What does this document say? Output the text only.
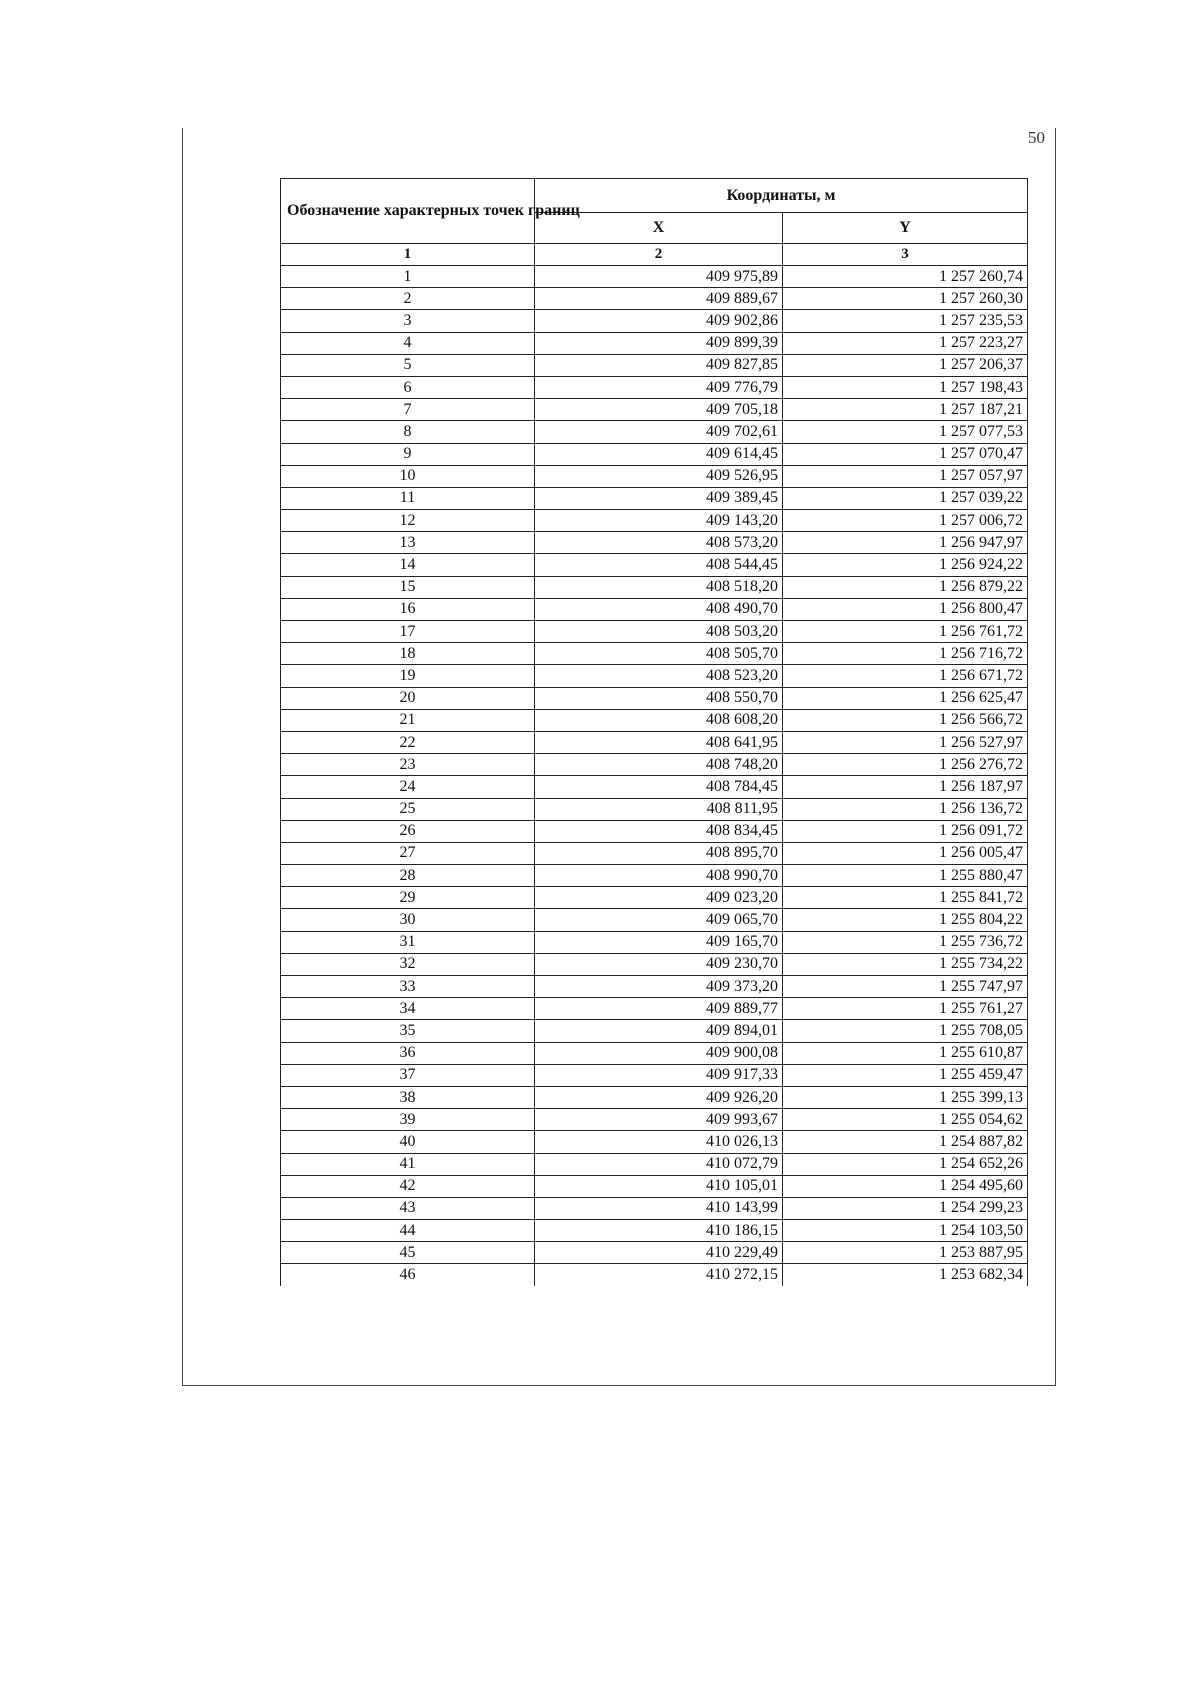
50
Обозначение характерных точек границ	Координаты, м	
	X	Y
1	2	3
1	409 975,89	1 257 260,74
2	409 889,67	1 257 260,30
3	409 902,86	1 257 235,53
4	409 899,39	1 257 223,27
5	409 827,85	1 257 206,37
6	409 776,79	1 257 198,43
7	409 705,18	1 257 187,21
8	409 702,61	1 257 077,53
9	409 614,45	1 257 070,47
10	409 526,95	1 257 057,97
11	409 389,45	1 257 039,22
12	409 143,20	1 257 006,72
13	408 573,20	1 256 947,97
14	408 544,45	1 256 924,22
15	408 518,20	1 256 879,22
16	408 490,70	1 256 800,47
17	408 503,20	1 256 761,72
18	408 505,70	1 256 716,72
19	408 523,20	1 256 671,72
20	408 550,70	1 256 625,47
21	408 608,20	1 256 566,72
22	408 641,95	1 256 527,97
23	408 748,20	1 256 276,72
24	408 784,45	1 256 187,97
25	408 811,95	1 256 136,72
26	408 834,45	1 256 091,72
27	408 895,70	1 256 005,47
28	408 990,70	1 255 880,47
29	409 023,20	1 255 841,72
30	409 065,70	1 255 804,22
31	409 165,70	1 255 736,72
32	409 230,70	1 255 734,22
33	409 373,20	1 255 747,97
34	409 889,77	1 255 761,27
35	409 894,01	1 255 708,05
36	409 900,08	1 255 610,87
37	409 917,33	1 255 459,47
38	409 926,20	1 255 399,13
39	409 993,67	1 255 054,62
40	410 026,13	1 254 887,82
41	410 072,79	1 254 652,26
42	410 105,01	1 254 495,60
43	410 143,99	1 254 299,23
44	410 186,15	1 254 103,50
45	410 229,49	1 253 887,95
46	410 272,15	1 253 682,34
